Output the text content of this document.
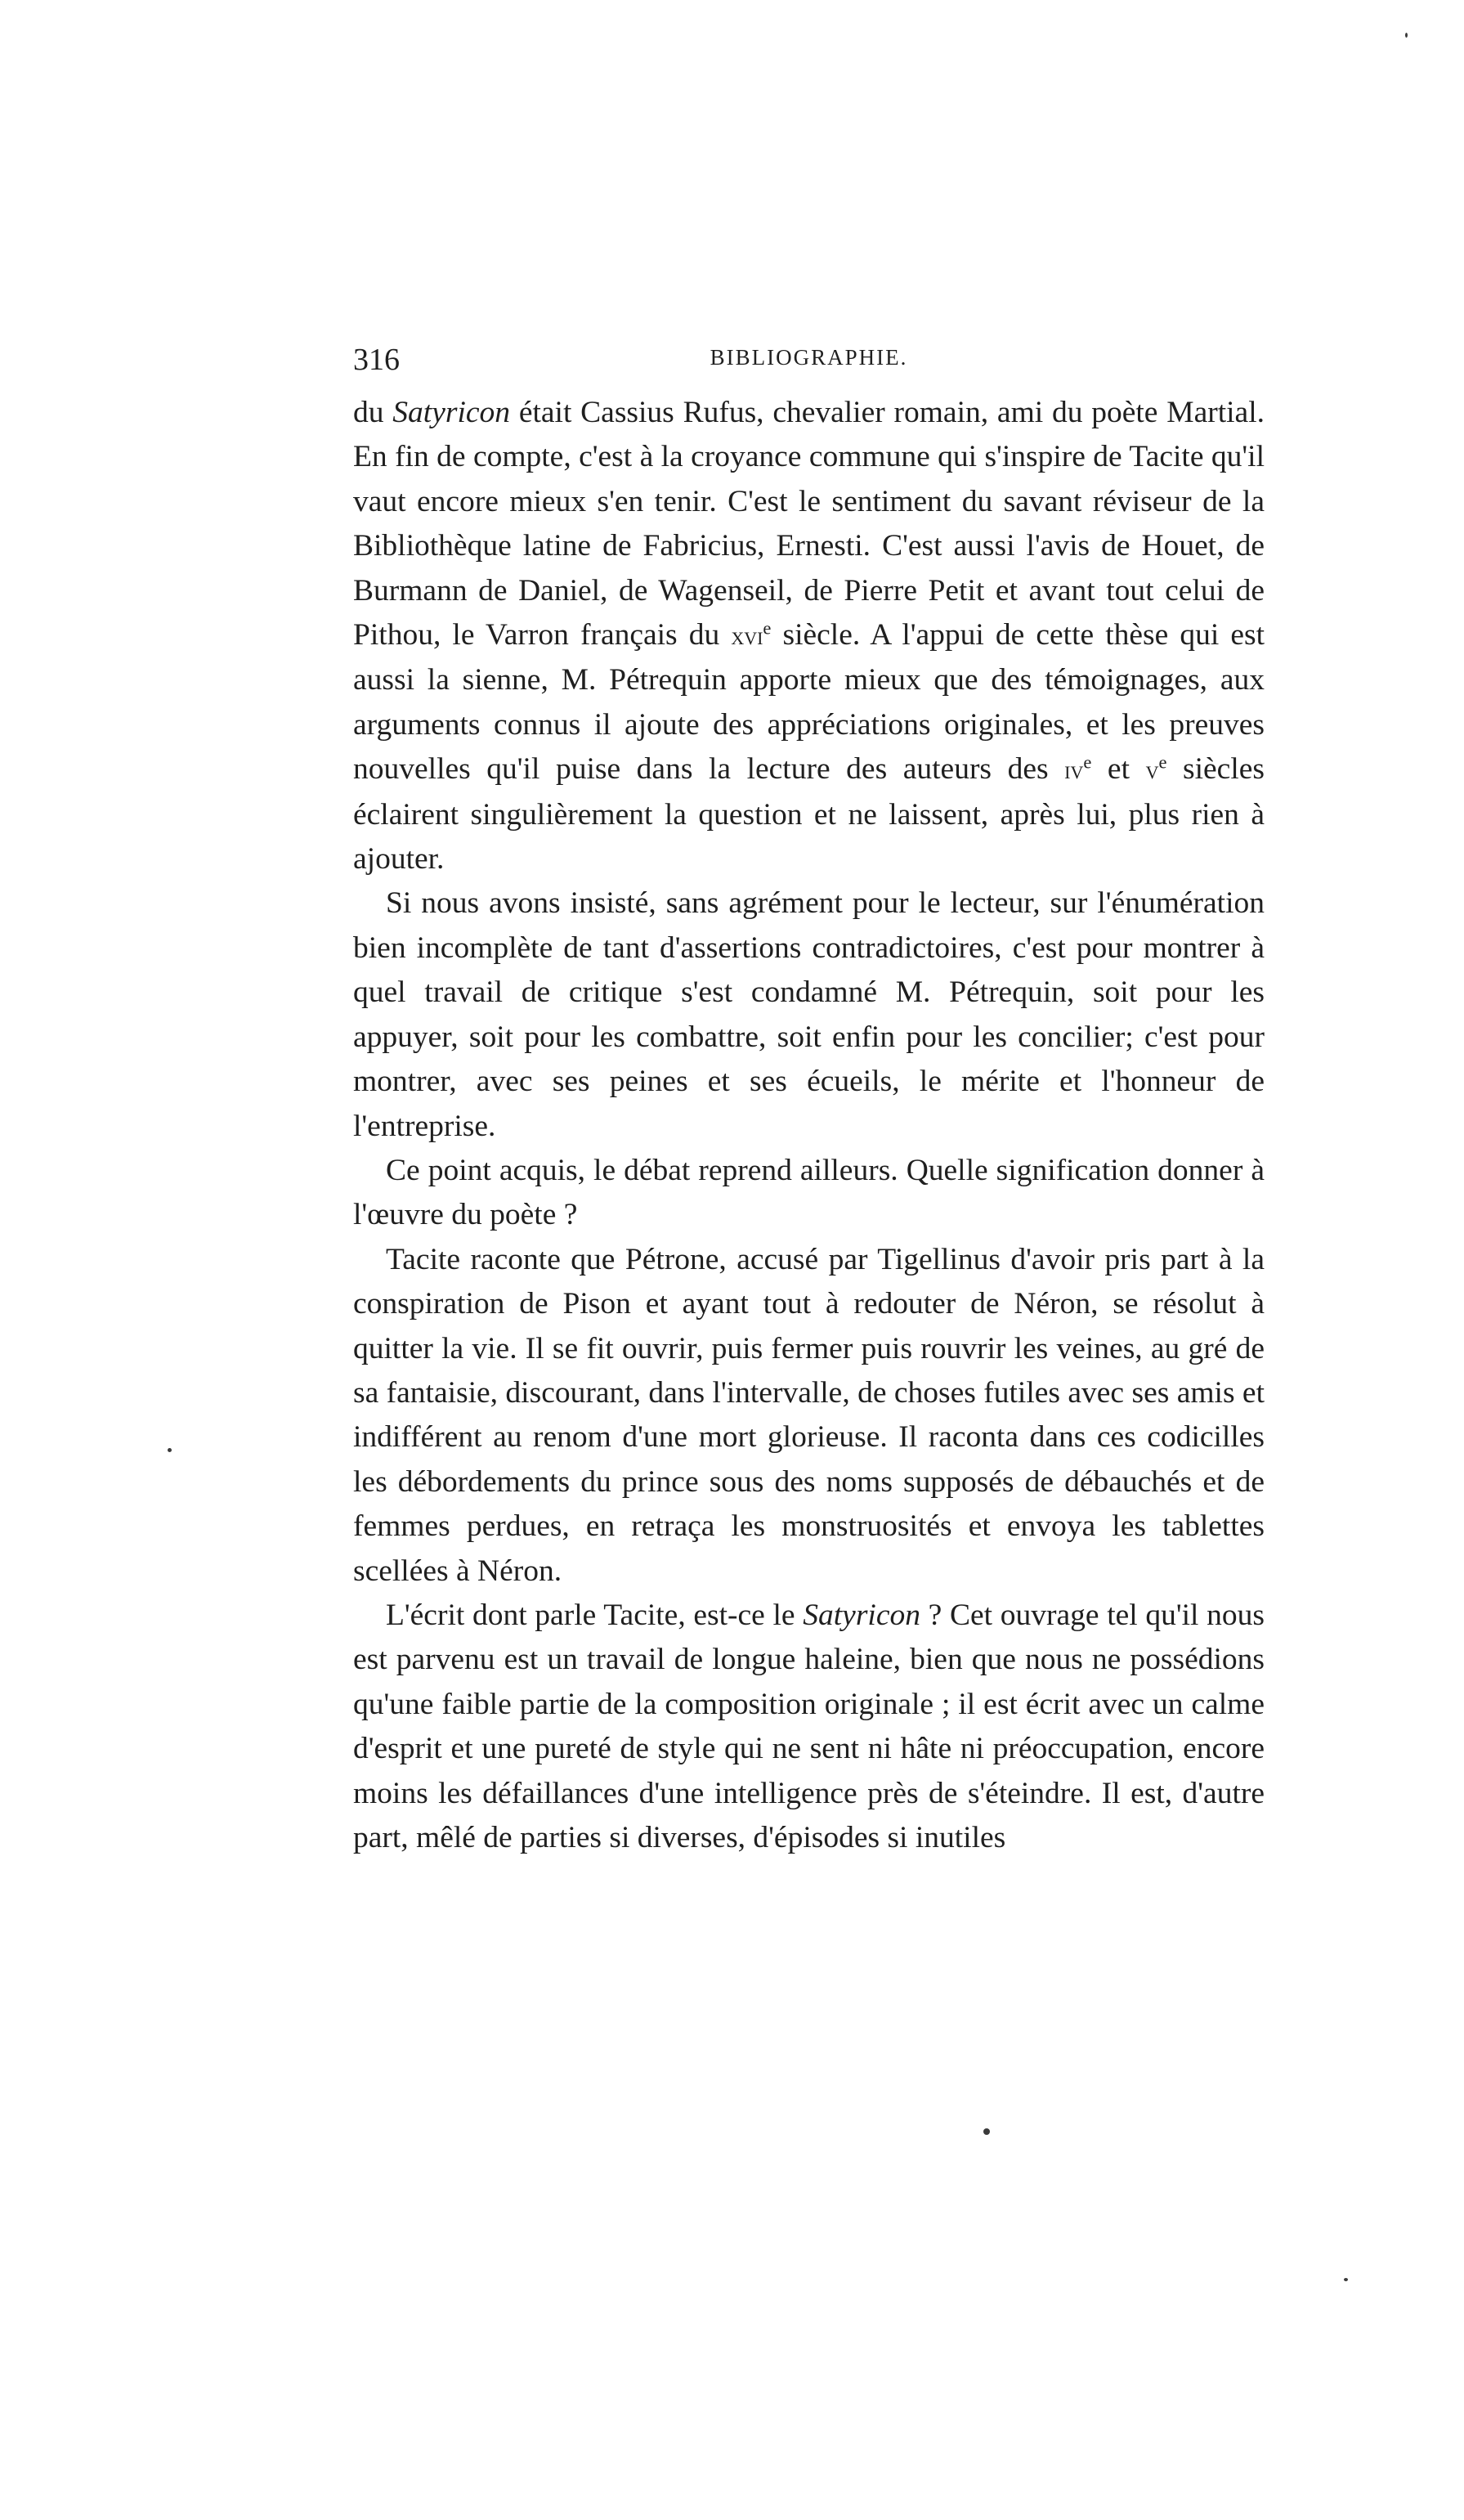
316	BIBLIOGRAPHIE.

du Satyricon était Cassius Rufus, chevalier romain, ami du poète Martial. En fin de compte, c'est à la croyance commune qui s'inspire de Tacite qu'il vaut encore mieux s'en tenir. C'est le sentiment du savant réviseur de la Bibliothèque latine de Fabricius, Ernesti. C'est aussi l'avis de Houet, de Burmann de Daniel, de Wagenseil, de Pierre Petit et avant tout celui de Pithou, le Varron français du xvi$^e$ siècle. A l'appui de cette thèse qui est aussi la sienne, M. Pétrequin apporte mieux que des témoignages, aux arguments connus il ajoute des appréciations originales, et les preuves nouvelles qu'il puise dans la lecture des auteurs des $iv^e$ et $v^e$ siècles éclairent singulièrement la question et ne laissent, après lui, plus rien à ajouter.

Si nous avons insisté, sans agrément pour le lecteur, sur l'énumération bien incomplète de tant d'assertions contradictoires, c'est pour montrer à quel travail de critique s'est condamné M. Pétrequin, soit pour les appuyer, soit pour les combattre, soit enfin pour les concilier; c'est pour montrer, avec ses peines et ses écueils, le mérite et l'honneur de l'entreprise.

Ce point acquis, le débat reprend ailleurs. Quelle signification donner à l'œuvre du poète ?

Tacite raconte que Pétrone, accusé par Tigellinus d'avoir pris part à la conspiration de Pison et ayant tout à redouter de Néron, se résolut à quitter la vie. Il se fit ouvrir, puis fermer puis rouvrir les veines, au gré de sa fantaisie, discourant, dans l'intervalle, de choses futiles avec ses amis et indifférent au renom d'une mort glorieuse. Il raconta dans ces codicilles les débordements du prince sous des noms supposés de débauchés et de femmes perdues, en retraça les monstruosités et envoya les tablettes scellées à Néron.

L'écrit dont parle Tacite, est-ce le Satyricon ? Cet ouvrage tel qu'il nous est parvenu est un travail de longue haleine, bien que nous ne possédions qu'une faible partie de la composition originale ; il est écrit avec un calme d'esprit et une pureté de style qui ne sent ni hâte ni préoccupation, encore moins les défaillances d'une intelligence près de s'éteindre. Il est, d'autre part, mêlé de parties si diverses, d'épisodes si inutiles
